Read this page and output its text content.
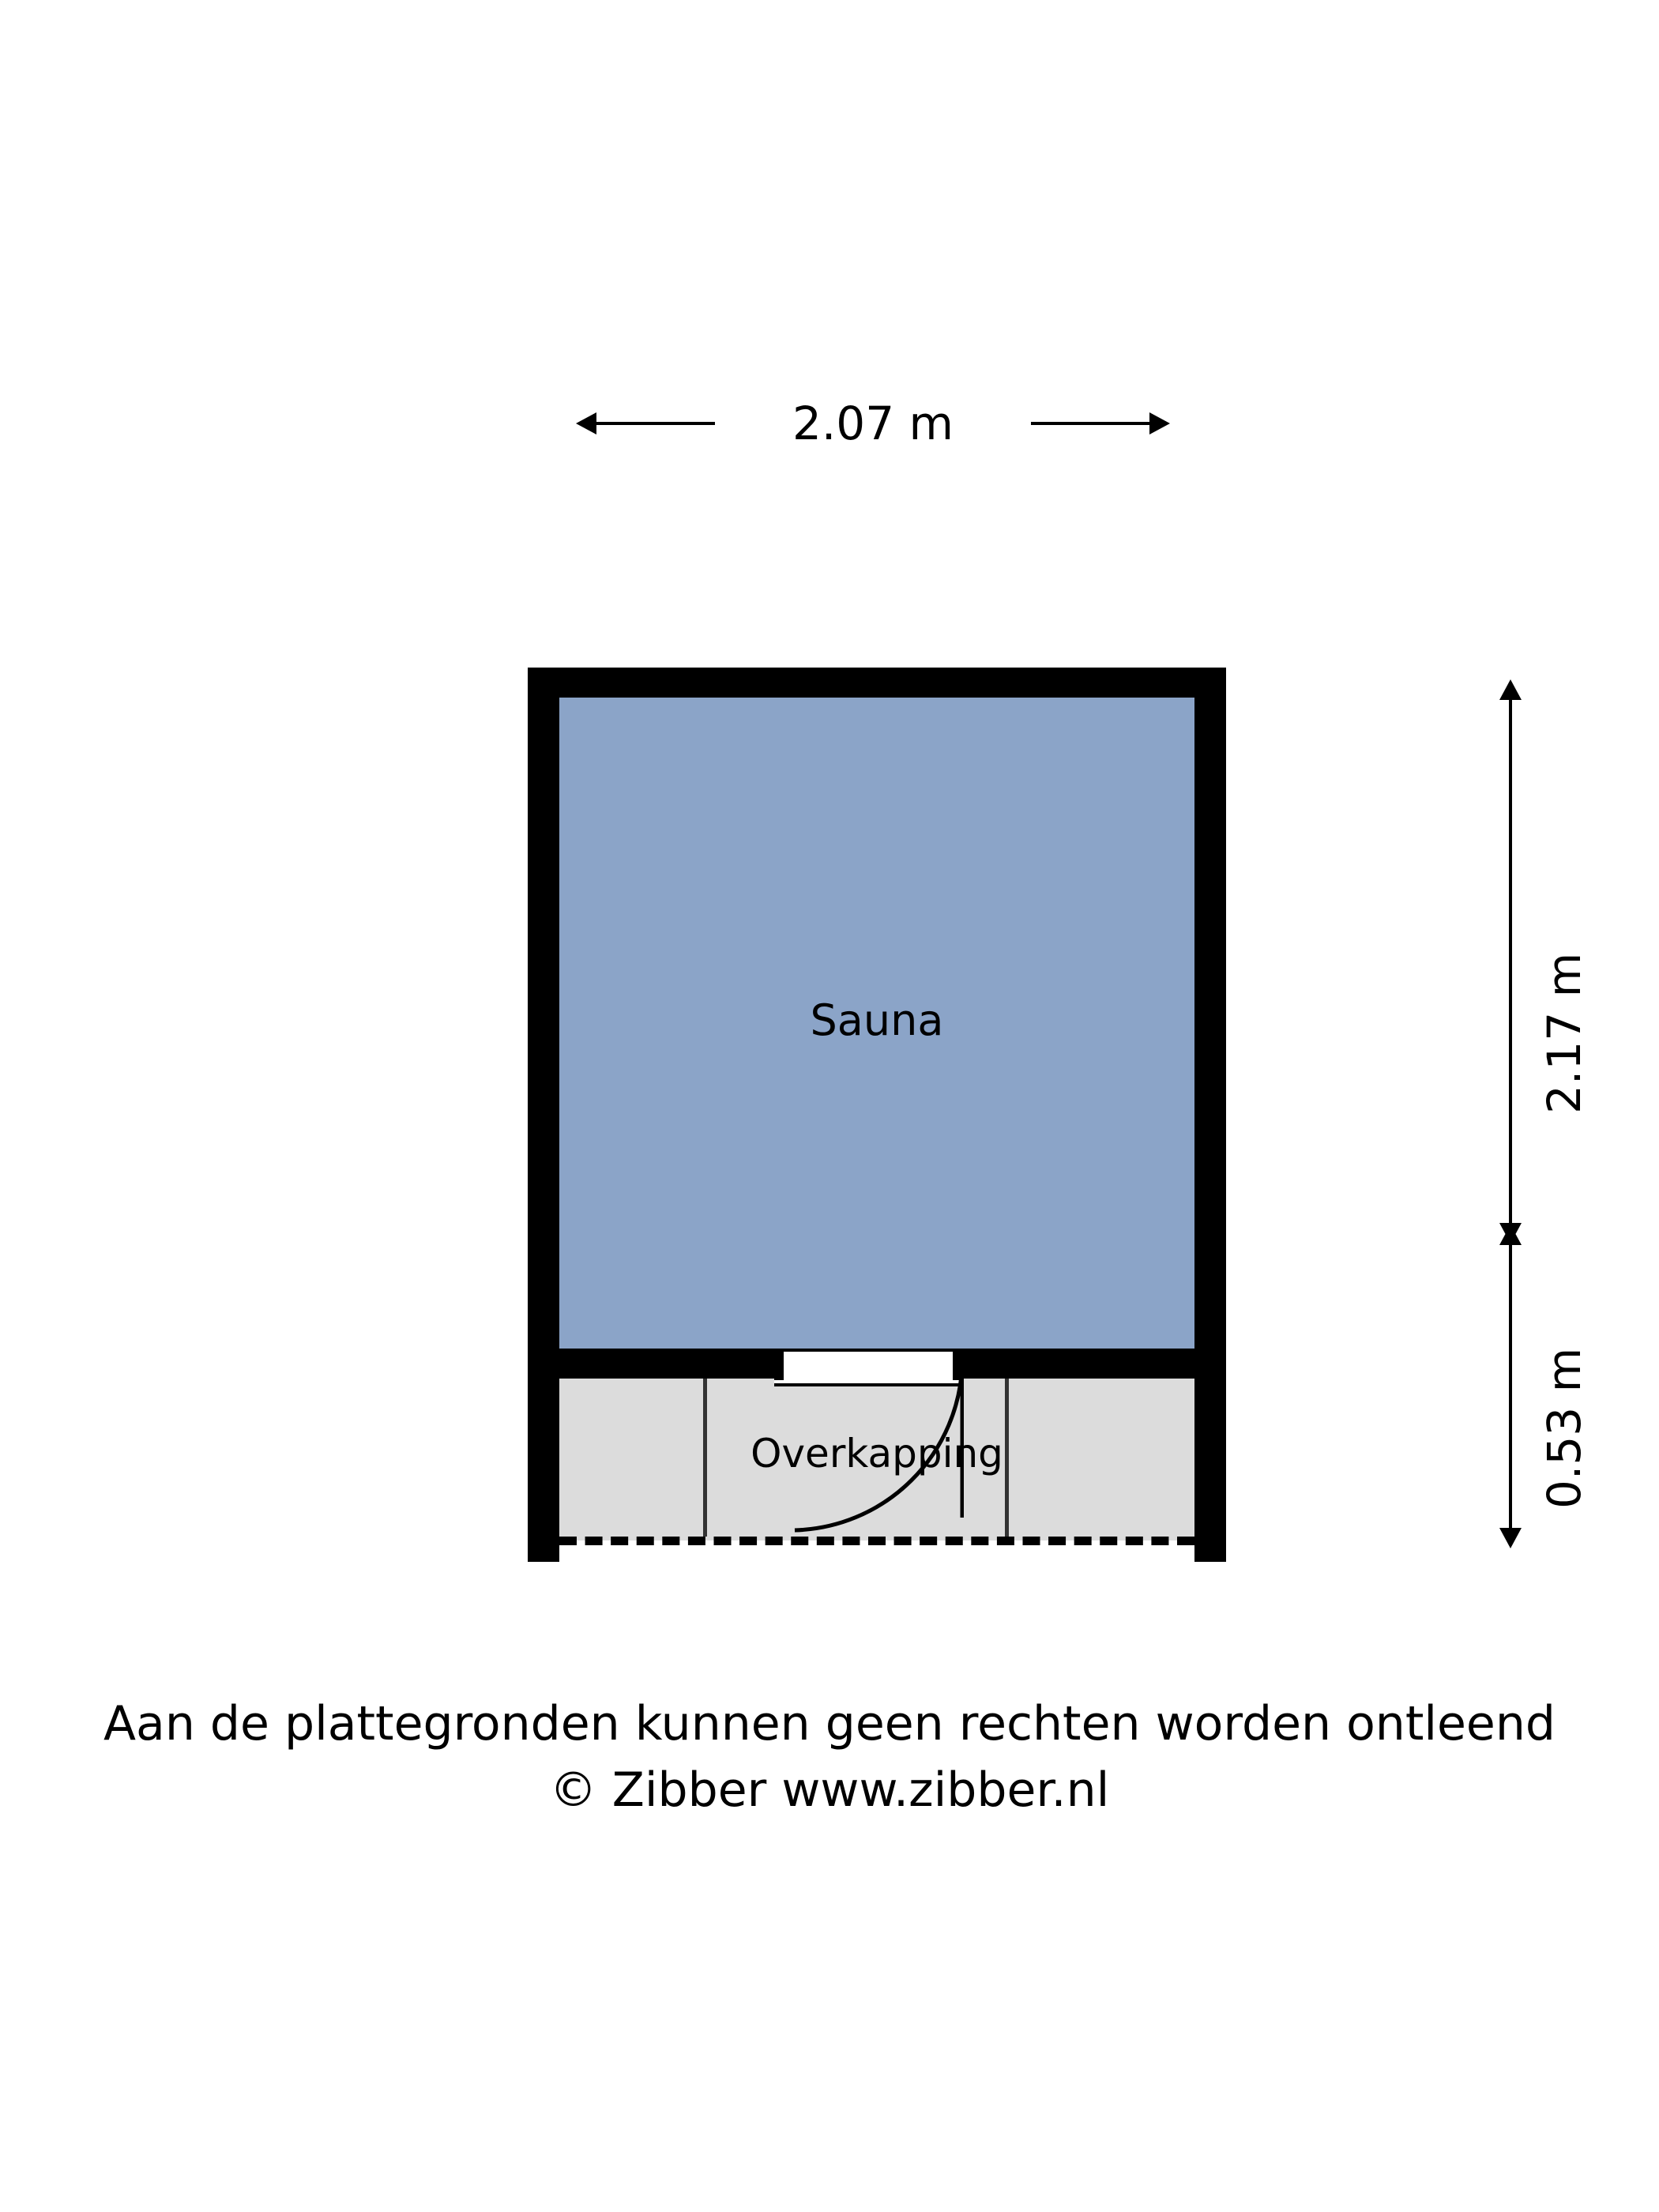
2.07 m
Sauna
Overkapping
2.17 m
0.53 m
Aan de plattegronden kunnen geen rechten worden ontleend
© Zibber www.zibber.nl
